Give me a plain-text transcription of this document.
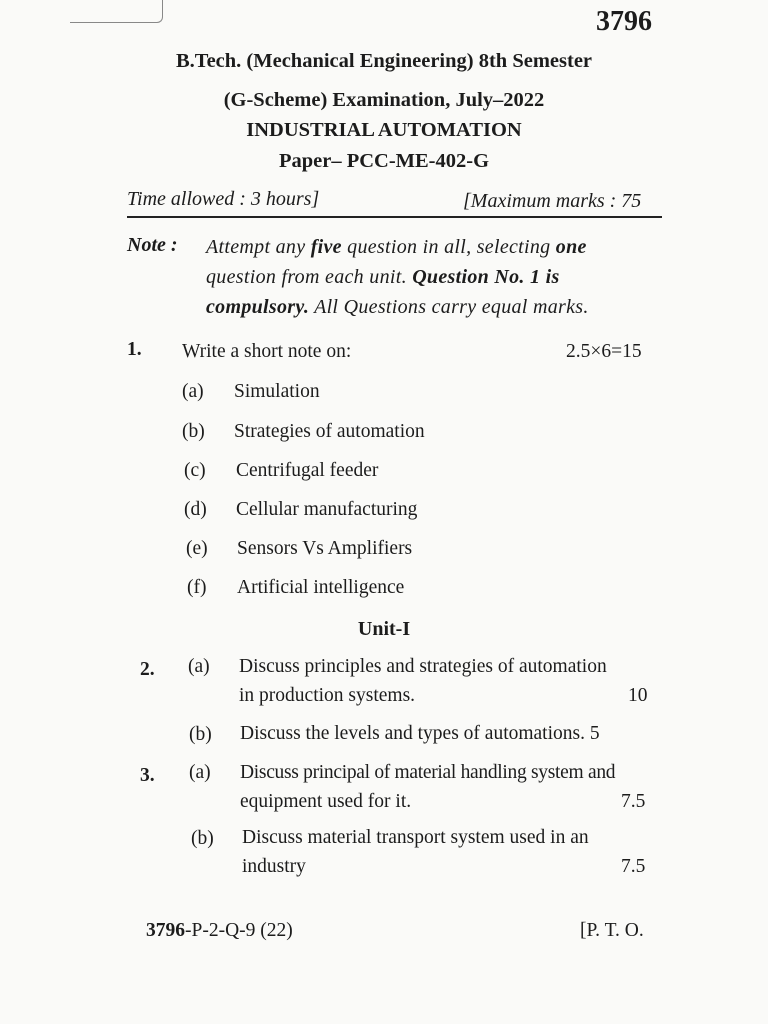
3796
B.Tech. (Mechanical Engineering) 8th Semester
(G-Scheme) Examination, July–2022
INDUSTRIAL AUTOMATION
Paper– PCC-ME-402-G
Time allowed : 3 hours]	[Maximum marks : 75
Note : Attempt any five question in all, selecting one
question from each unit. Question No. 1 is
compulsory. All Questions carry equal marks.
1. Write a short note on:	2.5×6=15
(a) Simulation
(b) Strategies of automation
(c) Centrifugal feeder
(d) Cellular manufacturing
(e) Sensors Vs Amplifiers
(f) Artificial intelligence
Unit-I
2. (a) Discuss principles and strategies of automation
in production systems.	10
(b) Discuss the levels and types of automations. 5
3. (a) Discuss principal of material handling system and
equipment used for it.	7.5
(b) Discuss material transport system used in an
industry	7.5
3796-P-2-Q-9 (22)	[P. T. O.
